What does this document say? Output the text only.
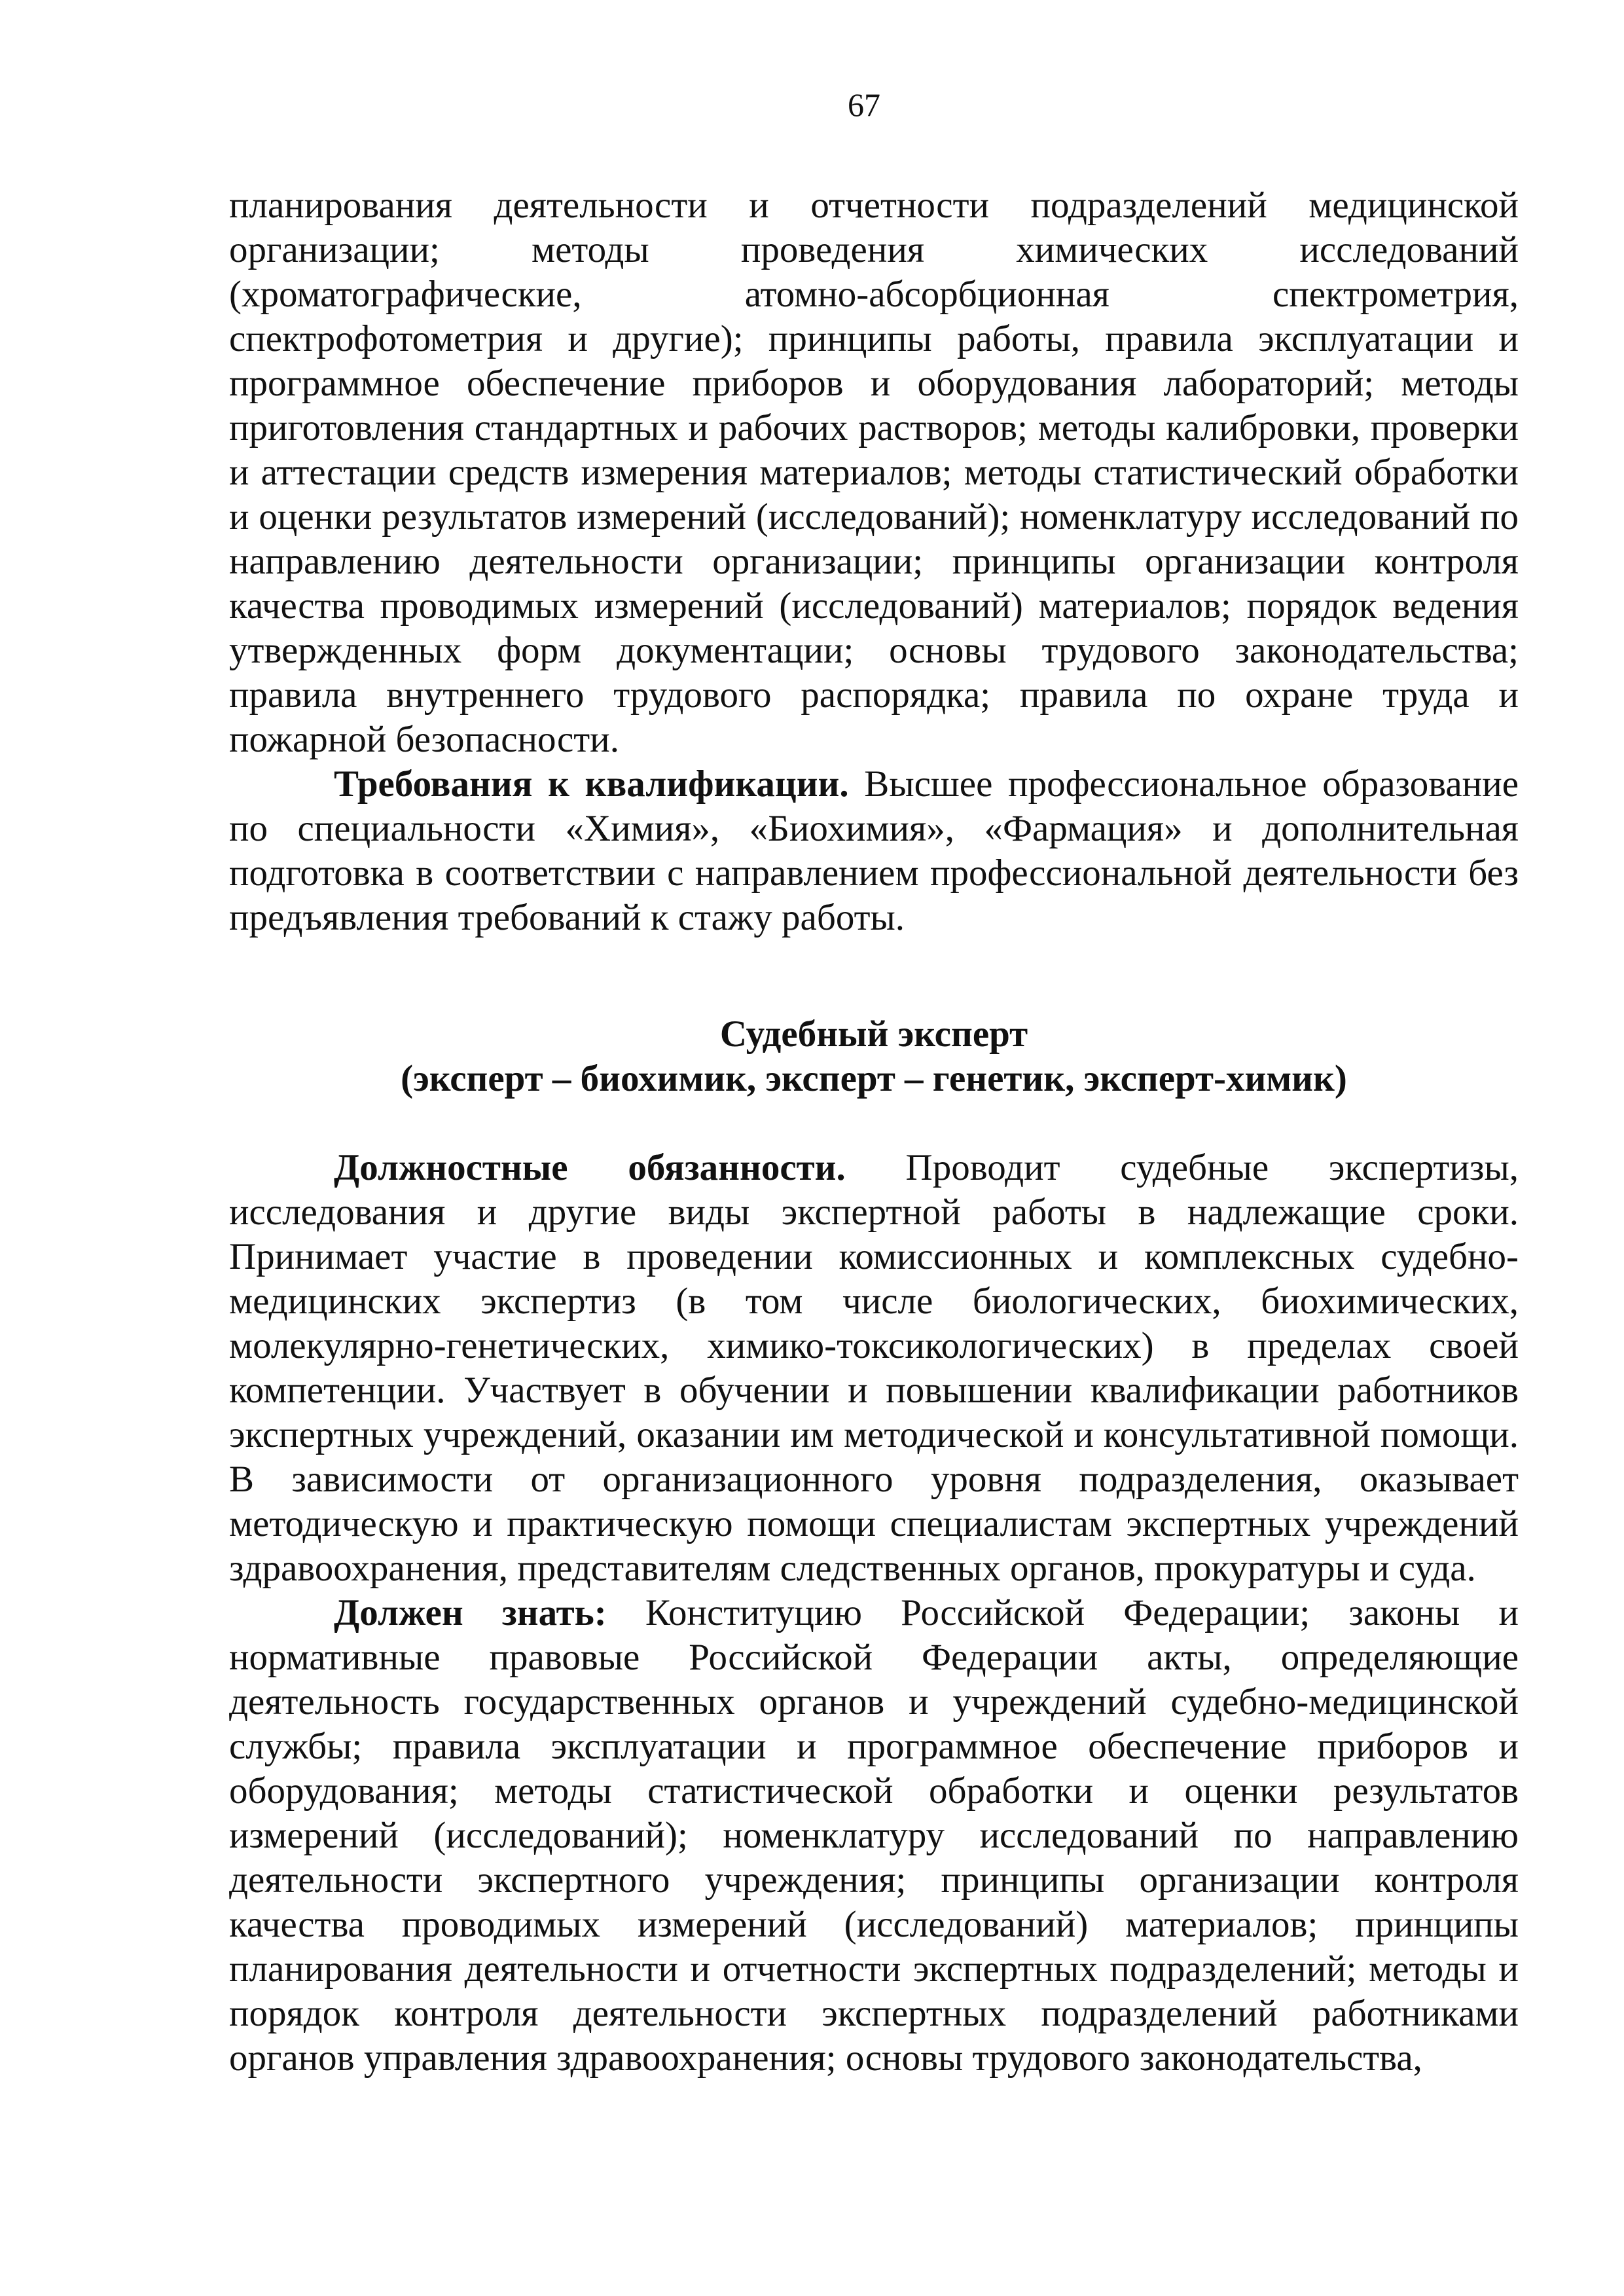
67

планирования деятельности и отчетности подразделений медицинской организации; методы проведения химических исследований (хроматографические, атомно-абсорбционная спектрометрия, спектрофотометрия и другие); принципы работы, правила эксплуатации и программное обеспечение приборов и оборудования лабораторий; методы приготовления стандартных и рабочих растворов; методы калибровки, проверки и аттестации средств измерения материалов; методы статистический обработки и оценки результатов измерений (исследований); номенклатуру исследований по направлению деятельности организации; принципы организации контроля качества проводимых измерений (исследований) материалов; порядок ведения утвержденных форм документации; основы трудового законодательства; правила внутреннего трудового распорядка; правила по охране труда и пожарной безопасности.

Требования к квалификации. Высшее профессиональное образование по специальности «Химия», «Биохимия», «Фармация» и дополнительная подготовка в соответствии с направлением профессиональной деятельности без предъявления требований к стажу работы.

Судебный эксперт

(эксперт – биохимик, эксперт – генетик, эксперт-химик)

Должностные обязанности. Проводит судебные экспертизы, исследования и другие виды экспертной работы в надлежащие сроки. Принимает участие в проведении комиссионных и комплексных судебно-медицинских экспертиз (в том числе биологических, биохимических, молекулярно-генетических, химико-токсикологических) в пределах своей компетенции. Участвует в обучении и повышении квалификации работников экспертных учреждений, оказании им методической и консультативной помощи. В зависимости от организационного уровня подразделения, оказывает методическую и практическую помощи специалистам экспертных учреждений здравоохранения, представителям следственных органов, прокуратуры и суда.

Должен знать: Конституцию Российской Федерации; законы и нормативные правовые Российской Федерации акты, определяющие деятельность государственных органов и учреждений судебно-медицинской службы; правила эксплуатации и программное обеспечение приборов и оборудования; методы статистической обработки и оценки результатов измерений (исследований); номенклатуру исследований по направлению деятельности экспертного учреждения; принципы организации контроля качества проводимых измерений (исследований) материалов; принципы планирования деятельности и отчетности экспертных подразделений; методы и порядок контроля деятельности экспертных подразделений работниками органов управления здравоохранения; основы трудового законодательства,
